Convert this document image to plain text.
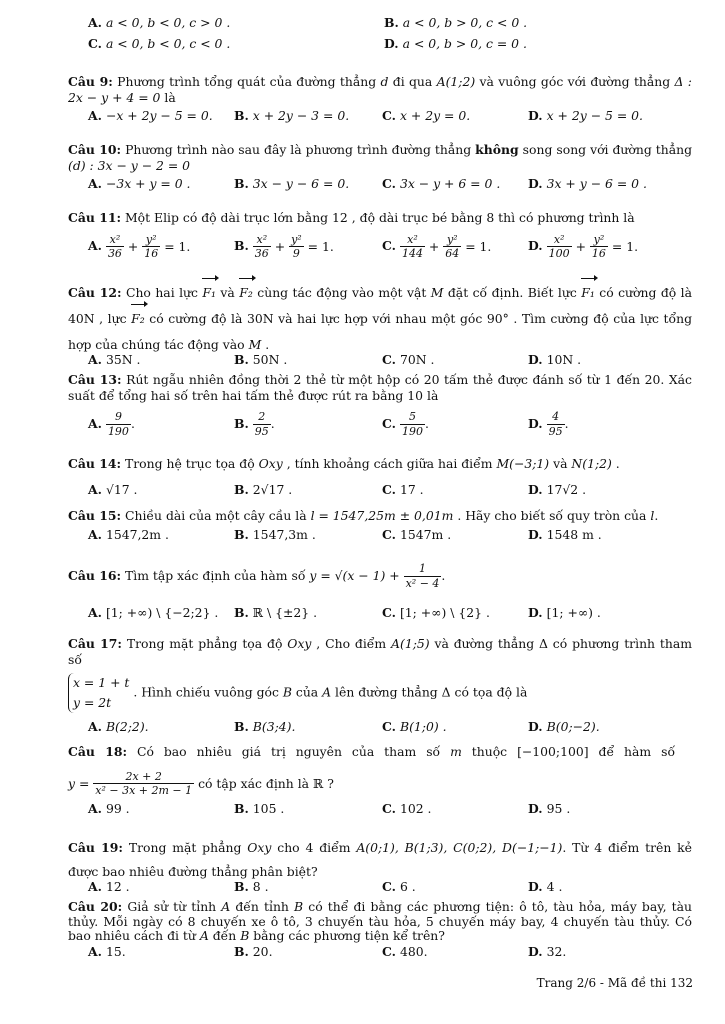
A. a < 0, b < 0, c > 0 .	B. a < 0, b > 0, c < 0 .
C. a < 0, b < 0, c < 0 .	D. a < 0, b > 0, c = 0 .

Câu 9: Phương trình tổng quát của đường thẳng d đi qua A(1;2) và vuông góc với đường thẳng Δ : 2x − y + 4 = 0 là

A. −x + 2y − 5 = 0. B. x + 2y − 3 = 0.	C. x + 2y = 0.	D. x + 2y − 5 = 0.

Câu 10: Phương trình nào sau đây là phương trình đường thẳng không song song với đường thẳng (d) : 3x − y − 2 = 0

A. −3x + y = 0 .	B. 3x − y − 6 = 0.	C. 3x − y + 6 = 0 . D. 3x + y − 6 = 0 .

Câu 11: Một Elip có độ dài trục lớn bằng 12 , độ dài trục bé bằng 8 thì có phương trình là

A. $\frac{\text{x²}}{36} + \frac{\text{y²}}{16} = 1$.	B. $\frac{\text{x²}}{36} + \frac{\text{y²}}{9} = 1$.	C. $\frac{\text{x²}}{144} + \frac{\text{y²}}{64} = 1$.	D. $\frac{\text{x²}}{100} + \frac{\text{y²}}{16} = 1$.

Câu 12: Cho hai lực F₁ và F₂ cùng tác động vào một vật M đặt cố định. Biết lực F₁ có cường độ là 40N , lực F₂ có cường độ là 30N và hai lực hợp với nhau một góc 90° . Tìm cường độ của lực tổng hợp của chúng tác động vào M .

A. 35N .	B. 50N .	C. 70N .	D. 10N .

Câu 13: Rút ngẫu nhiên đồng thời 2 thẻ từ một hộp có 20 tấm thẻ được đánh số từ 1 đến 20. Xác suất để tổng hai số trên hai tấm thẻ được rút ra bằng 10 là

A. $\frac{9}{190}$ .	B. $\frac{2}{95}$ .	C. $\frac{5}{190}$ .	D. $\frac{4}{95}$ .

Câu 14: Trong hệ trục tọa độ Oxy , tính khoảng cách giữa hai điểm M(−3;1) và N(1;2) .

A. √17 .	B. 2√17 .	C. 17 .	D. 17√2 .

Câu 15: Chiều dài của một cây cầu là l = 1547,25m ± 0,01m . Hãy cho biết số quy tròn của l.

A. 1547,2m .	B. 1547,3m .	C. 1547m .	D. 1548 m .

Câu 16: Tìm tập xác định của hàm số $y = √(x - 1) + \frac{1}{\text{x² − 4}}$ .

A. [1; +∞) \ {−2;2} . B. ℝ \ {±2} .	C. [1; +∞) \ {2} .	D. [1; +∞) .

Câu 17: Trong mặt phẳng tọa độ Oxy , Cho điểm A(1;5) và đường thẳng Δ có phương trình tham số

x = 1 + t
y = 2t
. Hình chiếu vuông góc B của A lên đường thẳng Δ có tọa độ là

A. B(2;2).	B. B(3;4).	C. B(1;0) .	D. B(0;−2).

Câu 18: Có bao nhiêu giá trị nguyên của tham số m thuộc [−100;100] để hàm số

$y = \frac{2x + 2}{\text{x² − 3x + 2m − 1}}$ có tập xác định là ℝ ?

A. 99 .	B. 105 .	C. 102 .	D. 95 .

Câu 19: Trong mặt phẳng Oxy cho 4 điểm A(0;1), B(1;3), C(0;2), D(−1;−1). Từ 4 điểm trên kẻ được bao nhiêu đường thẳng phân biệt?

A. 12 .	B. 8 .	C. 6 .	D. 4 .

Câu 20: Giả sử từ tỉnh A đến tỉnh B có thể đi bằng các phương tiện: ô tô, tàu hỏa, máy bay, tàu thủy. Mỗi ngày có 8 chuyến xe ô tô, 3 chuyến tàu hỏa, 5 chuyến máy bay, 4 chuyến tàu thủy. Có bao nhiêu cách đi từ A đến B bằng các phương tiện kể trên?

A. 15.	B. 20.	C. 480.	D. 32.
Trang 2/6 - Mã đề thi 132
